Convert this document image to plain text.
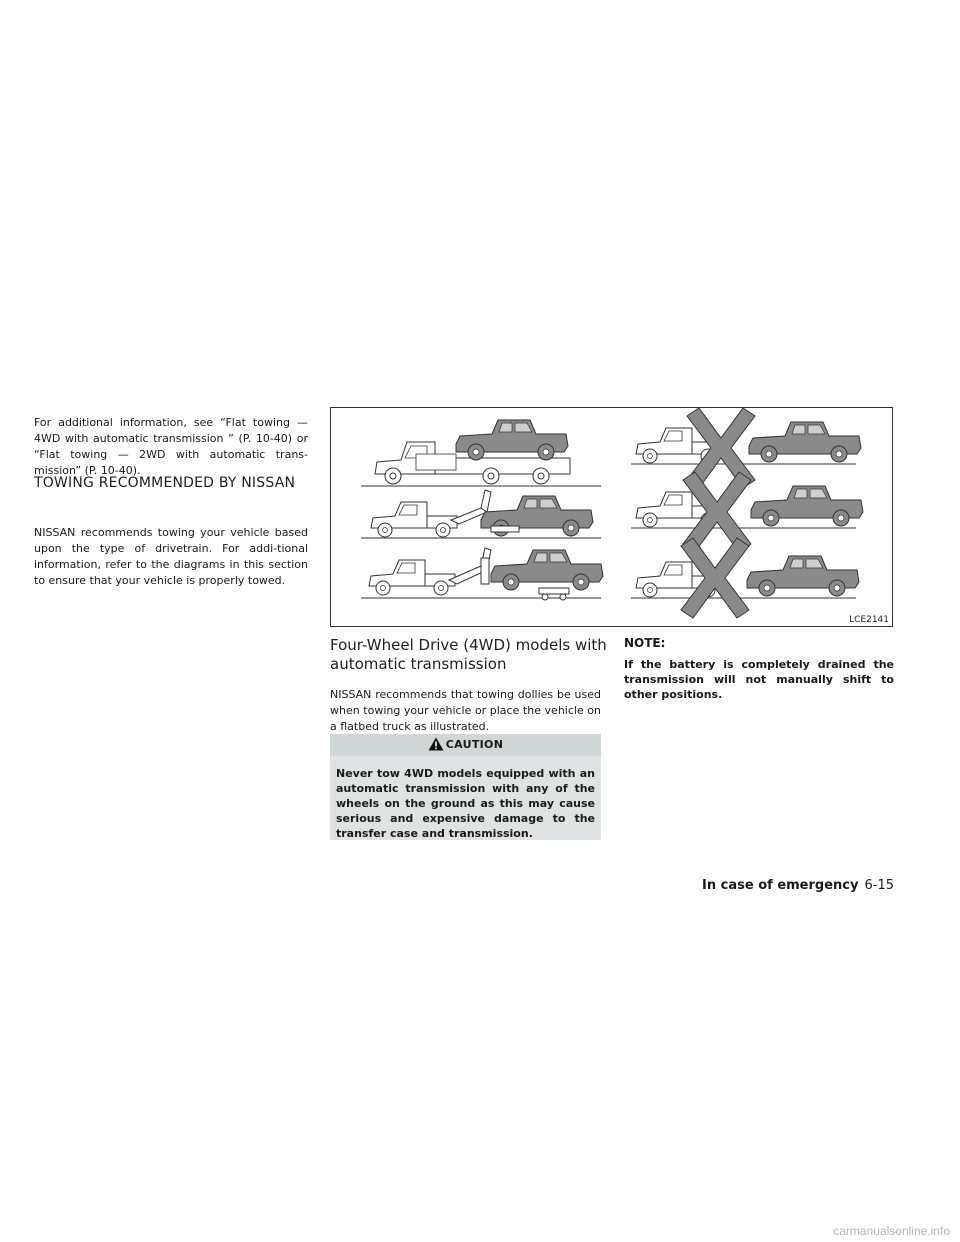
For additional information, see “Flat towing — 4WD with automatic transmission ” (P. 10-40) or “Flat towing — 2WD with automatic trans-mission” (P. 10-40).

TOWING RECOMMENDED BY NISSAN

NISSAN recommends towing your vehicle based upon the type of drivetrain. For addi-tional information, refer to the diagrams in this section to ensure that your vehicle is properly towed.

LCE2141
Four-Wheel Drive (4WD) models with automatic transmission

NISSAN recommends that towing dollies be used when towing your vehicle or place the vehicle on a flatbed truck as illustrated.

CAUTION
Never tow 4WD models equipped with an automatic transmission with any of the wheels on the ground as this may cause serious and expensive damage to the transfer case and transmission.
NOTE:

If the battery is completely drained the transmission will not manually shift to other positions.

In case of emergency 6-15
carmanualsonline.info
